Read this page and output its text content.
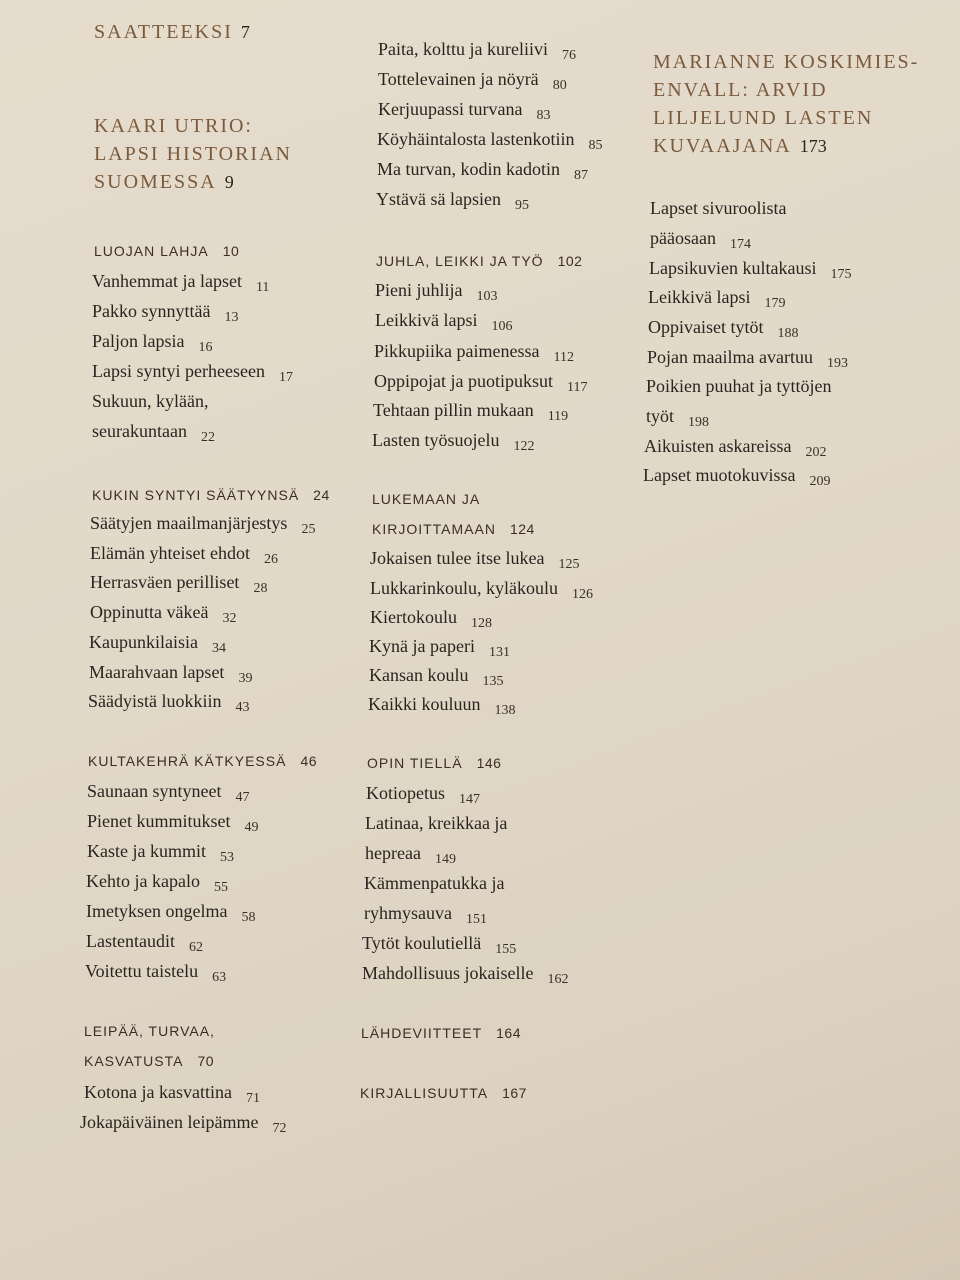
SAATTEEKSI 7
KAARI UTRIO:
LAPSI HISTORIAN
SUOMESSA 9
LUOJAN LAHJA 10
Vanhemmat ja lapset $_{11}$
Pakko synnyttää $_{13}$
Paljon lapsia $_{16}$
Lapsi syntyi perheeseen $_{17}$
Sukuun, kylään,
seurakuntaan $_{22}$
KUKIN SYNTYI SÄÄTYYNSÄ 24
Säätyjen maailmanjärjestys $_{25}$
Elämän yhteiset ehdot $_{26}$
Herrasväen perilliset $_{28}$
Oppinutta väkeä $_{32}$
Kaupunkilaisia $_{34}$
Maarahvaan lapset $_{39}$
Säädyistä luokkiin $_{43}$
KULTAKEHRÄ KÄTKYESSÄ 46
Saunaan syntyneet $_{47}$
Pienet kummitukset $_{49}$
Kaste ja kummit $_{53}$
Kehto ja kapalo $_{55}$
Imetyksen ongelma $_{58}$
Lastentaudit $_{62}$
Voitettu taistelu $_{63}$
LEIPÄÄ, TURVAA,
KASVATUSTA 70
Kotona ja kasvattina $_{71}$
Jokapäiväinen leipämme $_{72}$
Paita, kolttu ja kureliivi $_{76}$
Tottelevainen ja nöyrä $_{80}$
Kerjuupassi turvana $_{83}$
Köyhäintalosta lastenkotiin $_{85}$
Ma turvan, kodin kadotin $_{87}$
Ystävä sä lapsien $_{95}$
JUHLA, LEIKKI JA TYÖ 102
Pieni juhlija $_{103}$
Leikkivä lapsi $_{106}$
Pikkupiika paimenessa $_{112}$
Oppipojat ja puotipuksut $_{117}$
Tehtaan pillin mukaan $_{119}$
Lasten työsuojelu $_{122}$
LUKEMAAN JA
KIRJOITTAMAAN 124
Jokaisen tulee itse lukea $_{125}$
Lukkarinkoulu, kyläkoulu $_{126}$
Kiertokoulu $_{128}$
Kynä ja paperi $_{131}$
Kansan koulu $_{135}$
Kaikki kouluun $_{138}$
OPIN TIELLÄ 146
Kotiopetus $_{147}$
Latinaa, kreikkaa ja
hepreaa $_{149}$
Kämmenpatukka ja
ryhmysauva $_{151}$
Tytöt koulutiellä $_{155}$
Mahdollisuus jokaiselle $_{162}$
LÄHDEVIITTEET 164
KIRJALLISUUTTA 167
MARIANNE KOSKIMIES-
ENVALL: ARVID
LILJELUND LASTEN
KUVAAJANA 173
Lapset sivuroolista
pääosaan $_{174}$
Lapsikuvien kultakausi $_{175}$
Leikkivä lapsi $_{179}$
Oppivaiset tytöt $_{188}$
Pojan maailma avartuu $_{193}$
Poikien puuhat ja tyttöjen
työt $_{198}$
Aikuisten askareissa $_{202}$
Lapset muotokuvissa $_{209}$
